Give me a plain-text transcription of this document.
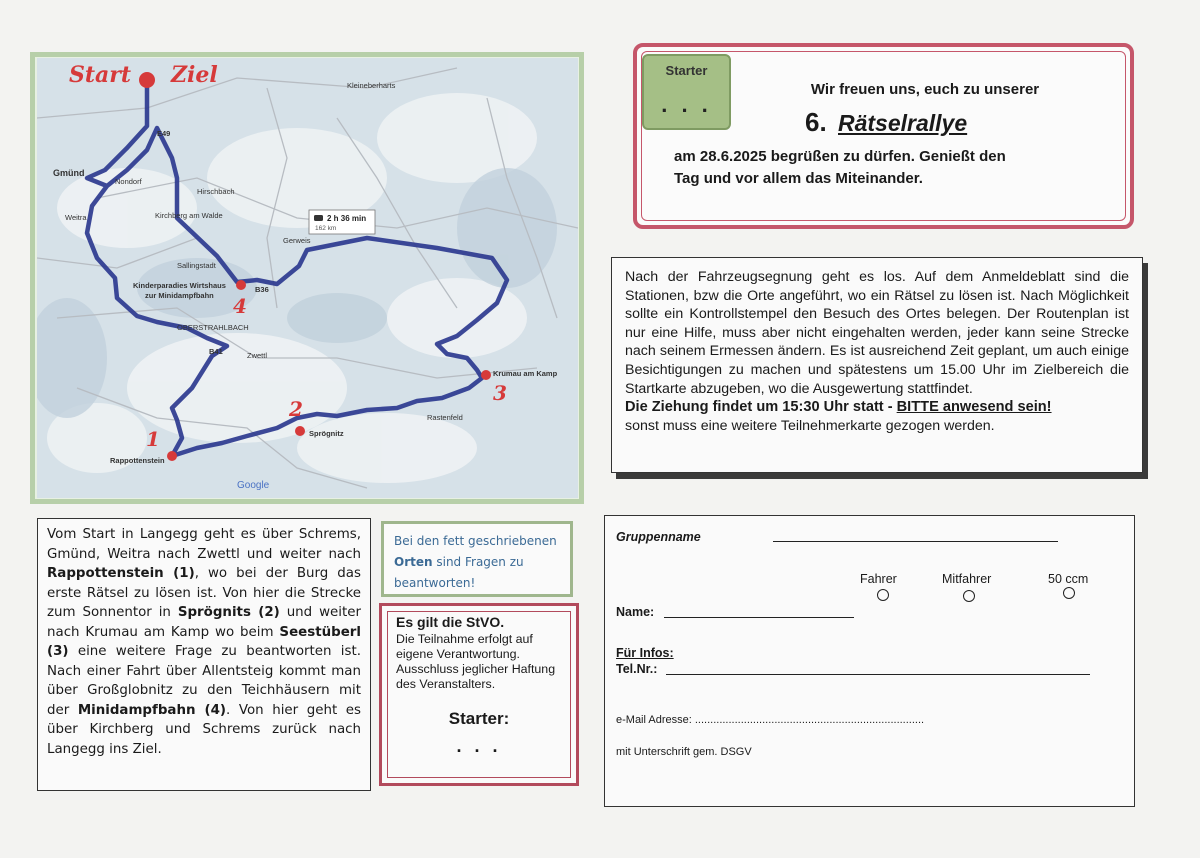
Start Ziel
1
2
3
4
Gmünd
Rappottenstein
Sprögnitz
Krumau am Kamp
Kinderparadies Wirtshaus
zur Minidampfbahn
Kleineberharts
Weitra
Nondorf
Hirschbach
Kirchberg am Walde
Sallingstadt
OBERSTRAHLBACH
Gerweis
Rastenfeld
Zwettl
E49
B36
B41
Google
2 h 36 min
162 km
Starter
. . .
Wir freuen uns, euch zu unserer
6. Rätselrallye
am 28.6.2025 begrüßen zu dürfen. Genießt den
Tag und vor allem das Miteinander.
Nach der Fahrzeugsegnung geht es los. Auf dem Anmeldeblatt sind die Stationen, bzw die Orte angeführt, wo ein Rätsel zu lösen ist. Nach Möglichkeit sollte ein Kontrollstempel den Besuch des Ortes belegen. Der Routenplan ist nur eine Hilfe, muss aber nicht eingehalten werden, jeder kann seine Strecke nach seinem Ermessen ändern. Es ist ausreichend Zeit geplant, um auch einige Besichtigungen zu machen und spätestens um 15.00 Uhr im Zielbereich die Startkarte abzugeben, wo die Ausgewertung stattfindet.
Die Ziehung findet um 15:30 Uhr statt - BITTE anwesend sein!
sonst muss eine weitere Teilnehmerkarte gezogen werden.
Vom Start in Langegg geht es über Schrems, Gmünd, Weitra nach Zwettl und weiter nach Rappottenstein (1), wo bei der Burg das erste Rätsel zu lösen ist. Von hier die Strecke zum Sonnentor in Sprögnits (2) und weiter nach Krumau am Kamp wo beim Seestüberl (3) eine weitere Frage zu beantworten ist. Nach einer Fahrt über Allentsteig kommt man über Großglobnitz zu den Teichhäusern mit der Minidampfbahn (4). Von hier geht es über Kirchberg und Schrems zurück nach Langegg ins Ziel.
Bei den fett geschriebenen
Orten sind Fragen zu
beantworten!
Es gilt die StVO.
Die Teilnahme erfolgt auf eigene Verantwortung. Ausschluss jeglicher Haftung des Veranstalters.
Starter:
. . .
Gruppenname
Fahrer	Mitfahrer	50 ccm
Name:
Für Infos:
Tel.Nr.:
e-Mail Adresse: ...........................................................................
mit Unterschrift gem. DSGV
